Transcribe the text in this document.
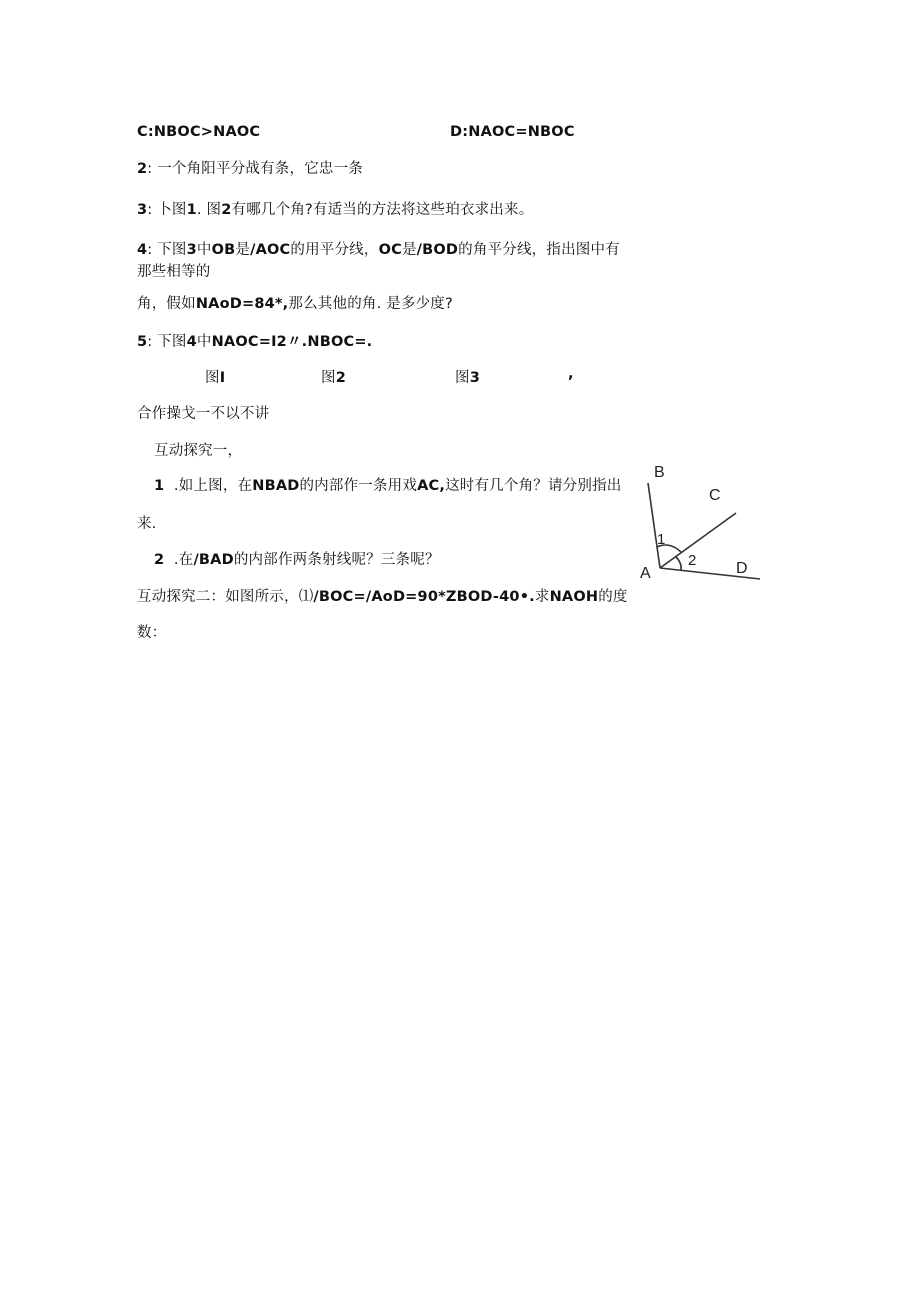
C:NBOC>NAOC	D:NAOC=NBOC
2: 一个角阳平分战有条，它忠一条
3: 卜图1. 图2有哪几个角?有适当的方法将这些珀衣求出来。
4: 下图3中OB是/AOC的用平分线，OC是/BOD的角平分线，指出图中有
那些相等的
角，假如NAoD=84*,那么其他的角. 是多少度?
5: 下图4中NAOC=I2〃.NBOC=.
图I	图2	图3	,
合作操戈一不以不讲
互动探究一，
1 .如上图，在NBAD的内部作一条用戏AC,这时有几个角？请分别指出
来.
2 .在/BAD的内部作两条射线呢？三条呢？
互动探究二：如图所示，⑴/BOC=/AoD=90*ZBOD-40•.求NAOH的度
数：
B
C
A	D
1
2
